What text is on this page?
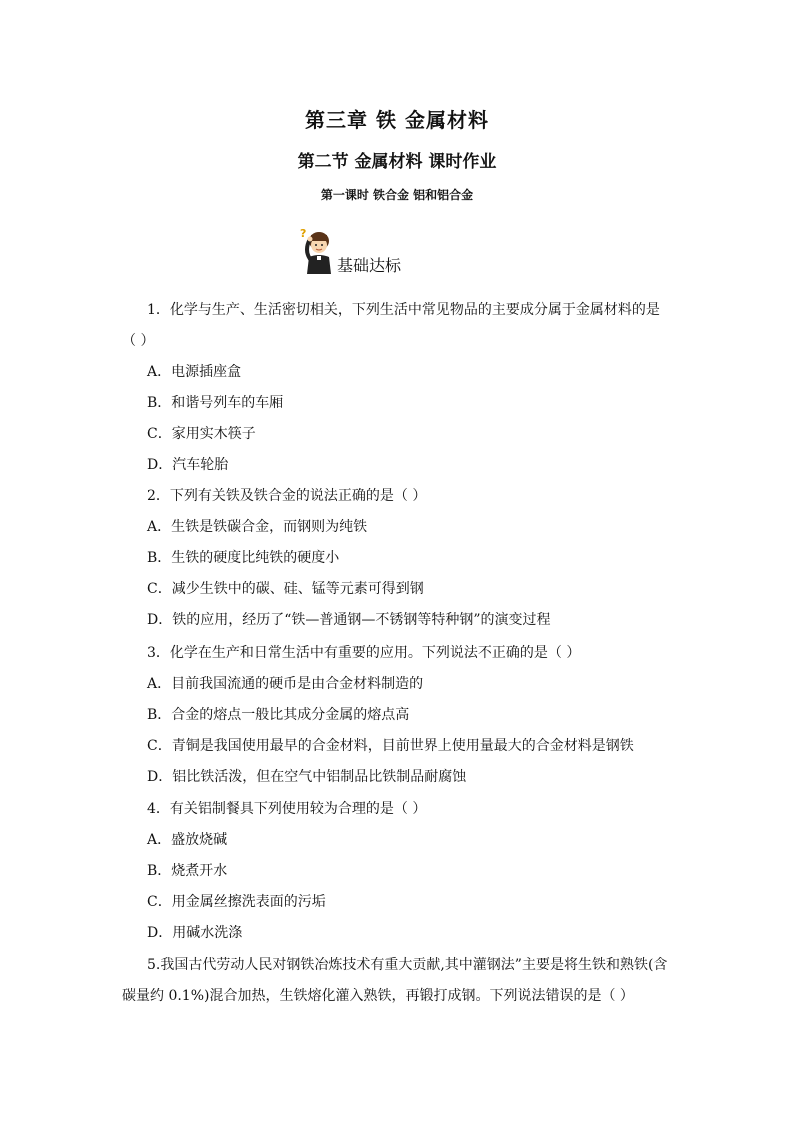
第三章 铁 金属材料
第二节 金属材料 课时作业
第一课时 铁合金 铝和铝合金
?
基础达标
1．化学与生产、生活密切相关，下列生活中常见物品的主要成分属于金属材料的是
（ ）
A．电源插座盒
B．和谐号列车的车厢
C．家用实木筷子
D．汽车轮胎
2．下列有关铁及铁合金的说法正确的是（ ）
A．生铁是铁碳合金，而钢则为纯铁
B．生铁的硬度比纯铁的硬度小
C．减少生铁中的碳、硅、锰等元素可得到钢
D．铁的应用，经历了“铁—普通钢—不锈钢等特种钢”的演变过程
3．化学在生产和日常生活中有重要的应用。下列说法不正确的是（ ）
A．目前我国流通的硬币是由合金材料制造的
B．合金的熔点一般比其成分金属的熔点高
C．青铜是我国使用最早的合金材料，目前世界上使用量最大的合金材料是钢铁
D．铝比铁活泼，但在空气中铝制品比铁制品耐腐蚀
4．有关铝制餐具下列使用较为合理的是（ ）
A．盛放烧碱
B．烧煮开水
C．用金属丝擦洗表面的污垢
D．用碱水洗涤
5.我国古代劳动人民对钢铁冶炼技术有重大贡献,其中灌钢法”主要是将生铁和熟铁(含
碳量约 0.1%)混合加热，生铁熔化灌入熟铁，再锻打成钢。下列说法错误的是（ ）
